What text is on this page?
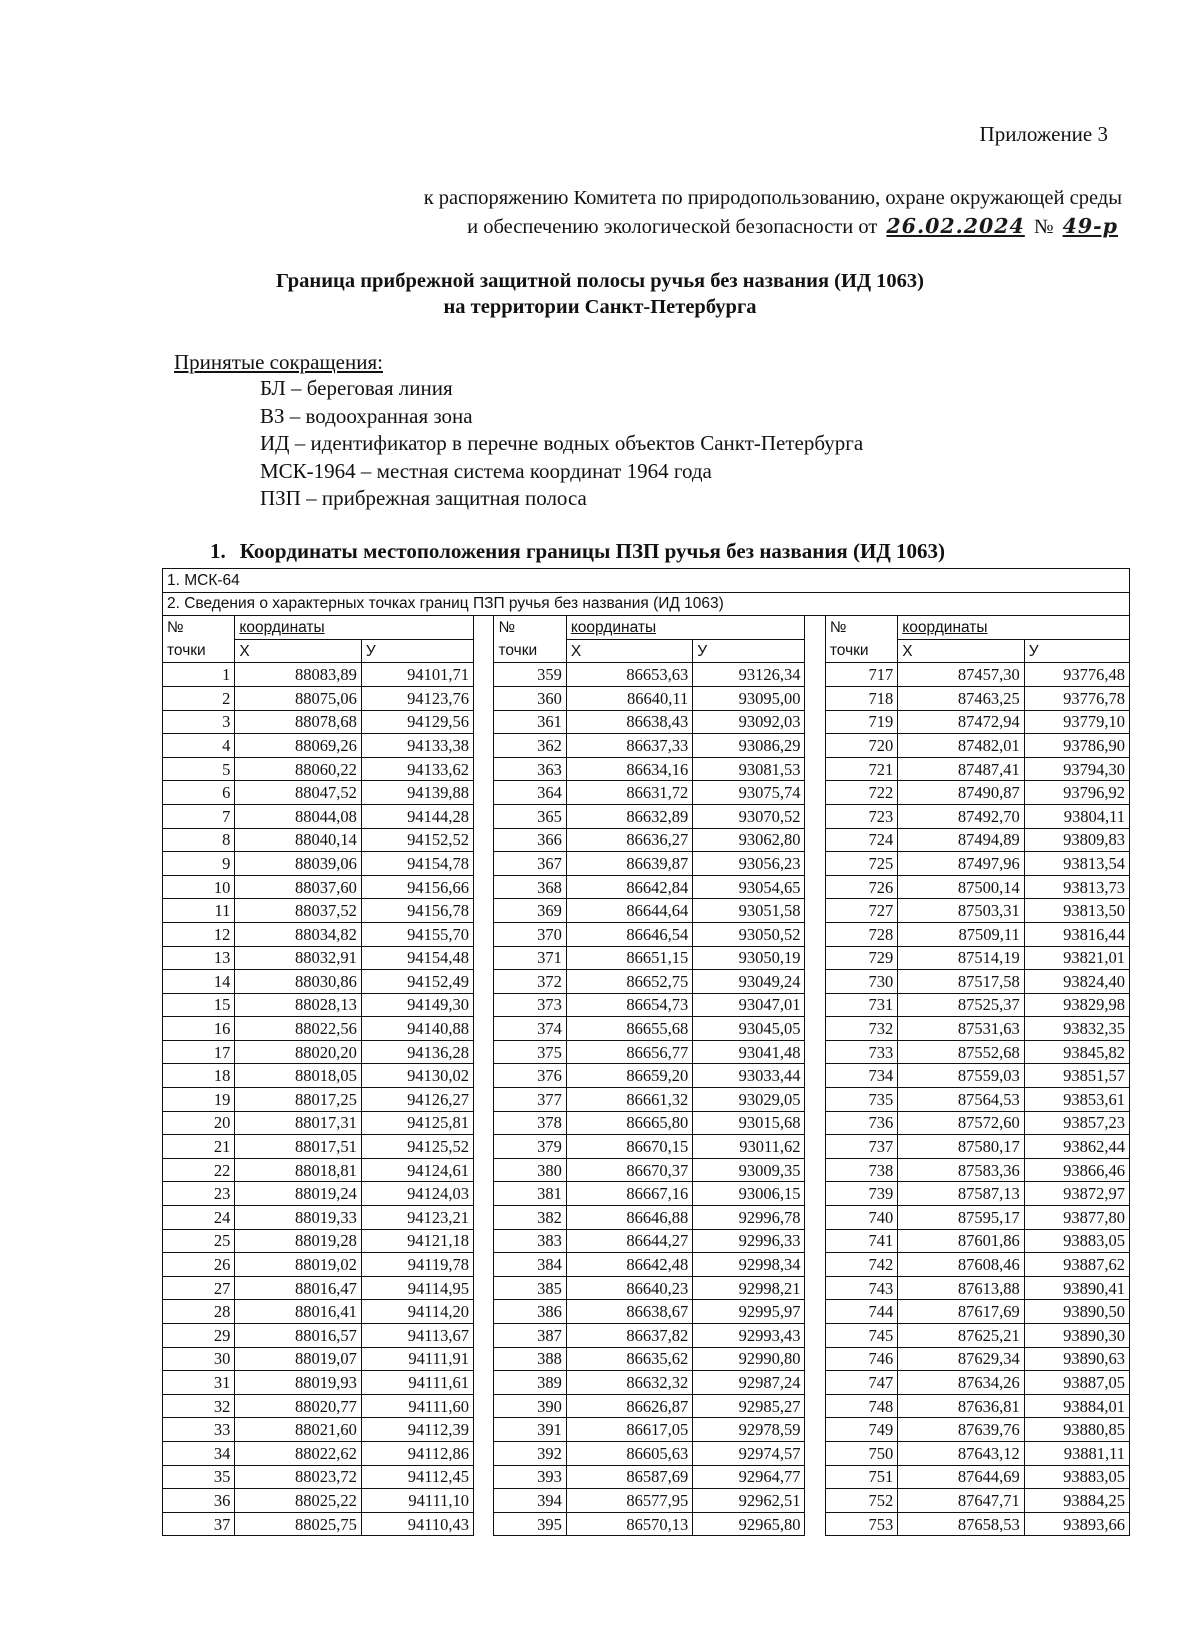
Приложение 3
к распоряжению Комитета по природопользованию, охране окружающей среды
и обеспечению экологической безопасности от 26.02.2024 № 49-р
Граница прибрежной защитной полосы ручья без названия (ИД 1063)
на территории Санкт-Петербурга
Принятые сокращения:
БЛ – береговая линия
ВЗ – водоохранная зона
ИД – идентификатор в перечне водных объектов Санкт-Петербурга
МСК-1964 – местная система координат 1964 года
ПЗП – прибрежная защитная полоса
1. Координаты местоположения границы ПЗП ручья без названия (ИД 1063)
1. МСК-64										
2. Сведения о характерных точках границ ПЗП ручья без названия (ИД 1063)										
№	координаты			№	координаты			№	координаты	
точки	Х	У		точки	Х	У		точки	Х	У
1	88083,89	94101,71		359	86653,63	93126,34		717	87457,30	93776,48
2	88075,06	94123,76		360	86640,11	93095,00		718	87463,25	93776,78
3	88078,68	94129,56		361	86638,43	93092,03		719	87472,94	93779,10
4	88069,26	94133,38		362	86637,33	93086,29		720	87482,01	93786,90
5	88060,22	94133,62		363	86634,16	93081,53		721	87487,41	93794,30
6	88047,52	94139,88		364	86631,72	93075,74		722	87490,87	93796,92
7	88044,08	94144,28		365	86632,89	93070,52		723	87492,70	93804,11
8	88040,14	94152,52		366	86636,27	93062,80		724	87494,89	93809,83
9	88039,06	94154,78		367	86639,87	93056,23		725	87497,96	93813,54
10	88037,60	94156,66		368	86642,84	93054,65		726	87500,14	93813,73
11	88037,52	94156,78		369	86644,64	93051,58		727	87503,31	93813,50
12	88034,82	94155,70		370	86646,54	93050,52		728	87509,11	93816,44
13	88032,91	94154,48		371	86651,15	93050,19		729	87514,19	93821,01
14	88030,86	94152,49		372	86652,75	93049,24		730	87517,58	93824,40
15	88028,13	94149,30		373	86654,73	93047,01		731	87525,37	93829,98
16	88022,56	94140,88		374	86655,68	93045,05		732	87531,63	93832,35
17	88020,20	94136,28		375	86656,77	93041,48		733	87552,68	93845,82
18	88018,05	94130,02		376	86659,20	93033,44		734	87559,03	93851,57
19	88017,25	94126,27		377	86661,32	93029,05		735	87564,53	93853,61
20	88017,31	94125,81		378	86665,80	93015,68		736	87572,60	93857,23
21	88017,51	94125,52		379	86670,15	93011,62		737	87580,17	93862,44
22	88018,81	94124,61		380	86670,37	93009,35		738	87583,36	93866,46
23	88019,24	94124,03		381	86667,16	93006,15		739	87587,13	93872,97
24	88019,33	94123,21		382	86646,88	92996,78		740	87595,17	93877,80
25	88019,28	94121,18		383	86644,27	92996,33		741	87601,86	93883,05
26	88019,02	94119,78		384	86642,48	92998,34		742	87608,46	93887,62
27	88016,47	94114,95		385	86640,23	92998,21		743	87613,88	93890,41
28	88016,41	94114,20		386	86638,67	92995,97		744	87617,69	93890,50
29	88016,57	94113,67		387	86637,82	92993,43		745	87625,21	93890,30
30	88019,07	94111,91		388	86635,62	92990,80		746	87629,34	93890,63
31	88019,93	94111,61		389	86632,32	92987,24		747	87634,26	93887,05
32	88020,77	94111,60		390	86626,87	92985,27		748	87636,81	93884,01
33	88021,60	94112,39		391	86617,05	92978,59		749	87639,76	93880,85
34	88022,62	94112,86		392	86605,63	92974,57		750	87643,12	93881,11
35	88023,72	94112,45		393	86587,69	92964,77		751	87644,69	93883,05
36	88025,22	94111,10		394	86577,95	92962,51		752	87647,71	93884,25
37	88025,75	94110,43		395	86570,13	92965,80		753	87658,53	93893,66
